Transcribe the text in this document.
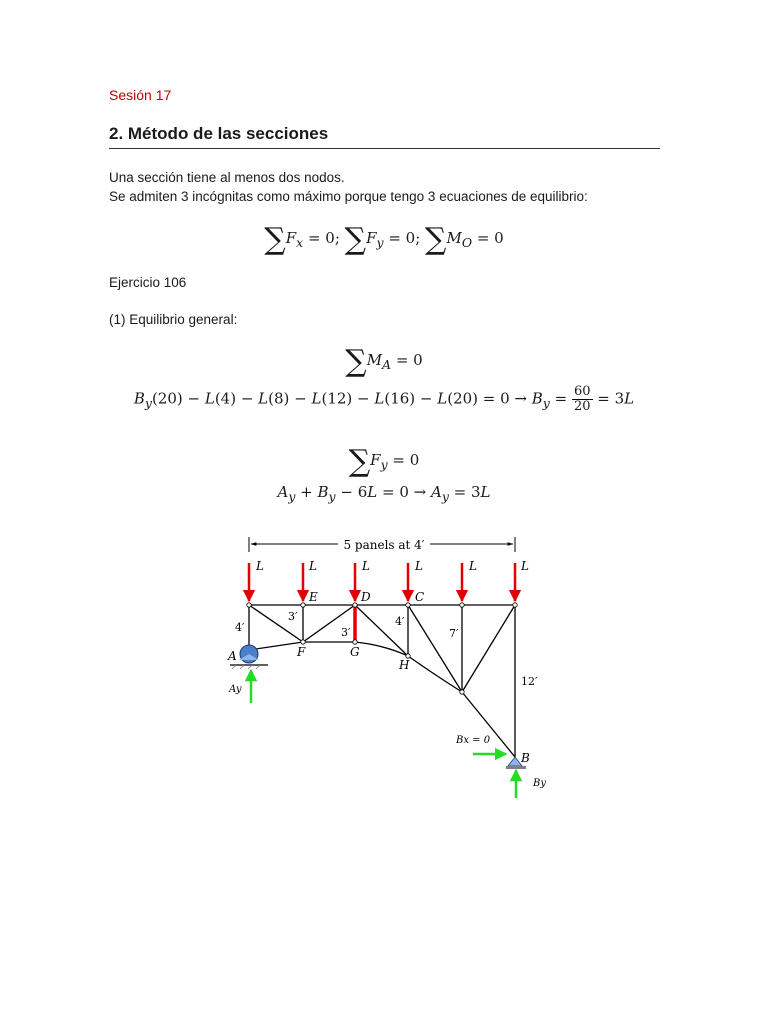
Sesión 17
2. Método de las secciones
Una sección tiene al menos dos nodos.
Se admiten 3 incógnitas como máximo porque tengo 3 ecuaciones de equilibrio:
$\sum F_x = 0$; $\sum F_y = 0$; $\sum M_O = 0$
Ejercicio 106
(1) Equilibrio general:
$\sum M_A = 0$
$B_y(20) - L(4) - L(8) - L(12) - L(16) - L(20) = 0 \to B_y = \frac{60}{20} = 3L$
$\sum F_y = 0$
$A_y + B_y - 6L = 0 \to A_y = 3L$
5 panels at 4′
L	L	L	L	L	L
A
B
C
D
E
F	G
H
4′
3′
3′
4′
7′
12′
Ay
Bx = 0
By
